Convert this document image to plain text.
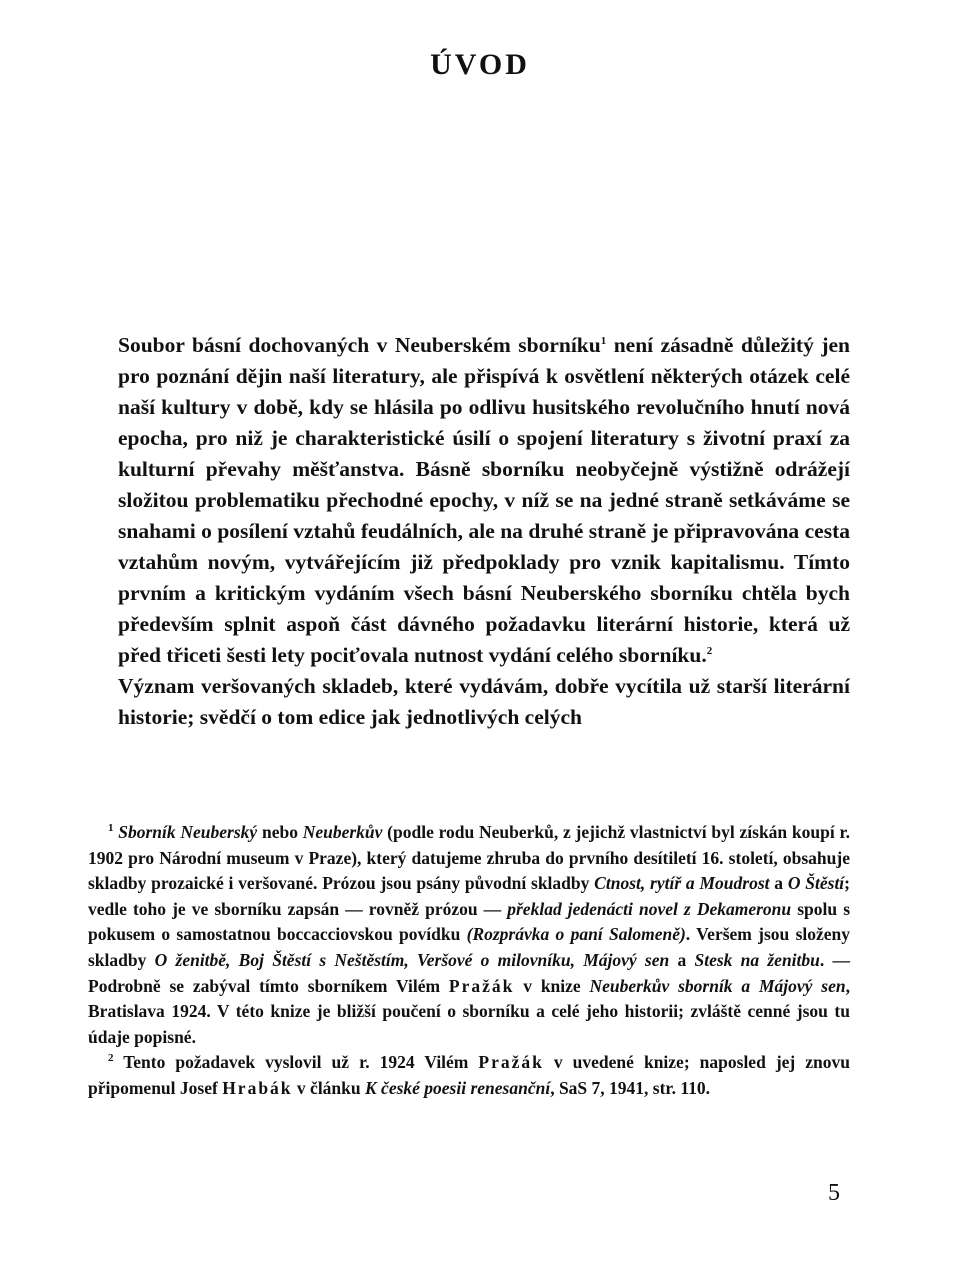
ÚVOD

Soubor básní dochovaných v Neuberském sborníku$^1$ není zásadně důležitý jen pro poznání dějin naší literatury, ale přispívá k osvětlení některých otázek celé naší kultury v době, kdy se hlásila po odlivu husitského revolučního hnutí nová epocha, pro niž je charakteristické úsilí o spojení literatury s životní praxí za kulturní převahy měšťanstva. Básně sborníku neobyčejně výstižně odrážejí složitou problematiku přechodné epochy, v níž se na jedné straně setkáváme se snahami o posílení vztahů feudálních, ale na druhé straně je připravována cesta vztahům novým, vytvářejícím již předpoklady pro vznik kapitalismu. Tímto prvním a kritickým vydáním všech básní Neuberského sborníku chtěla bych především splnit aspoň část dávného požadavku literární historie, která už před třiceti šesti lety pociťovala nutnost vydání celého sborníku.$^2$

Význam veršovaných skladeb, které vydávám, dobře vycítila už starší literární historie; svědčí o tom edice jak jednotlivých celých

$^1$ Sborník Neuberský nebo Neuberkův (podle rodu Neuberků, z jejichž vlastnictví byl získán koupí r. 1902 pro Národní museum v Praze), který datujeme zhruba do prvního desítiletí 16. století, obsahuje skladby prozaické i veršované. Prózou jsou psány původní skladby Ctnost, rytíř a Moudrost a O Štěstí; vedle toho je ve sborníku zapsán — rovněž prózou — překlad jedenácti novel z Dekameronu spolu s pokusem o samostatnou boccacciovskou povídku (Rozprávka o paní Salomeně). Veršem jsou složeny skladby O ženitbě, Boj Štěstí s Neštěstím, Veršové o milovníku, Májový sen a Stesk na ženitbu. — Podrobně se zabýval tímto sborníkem Vilém Pražák v knize Neuberkův sborník a Májový sen, Bratislava 1924. V této knize je bližší poučení o sborníku a celé jeho historii; zvláště cenné jsou tu údaje popisné.

$^2$ Tento požadavek vyslovil už r. 1924 Vilém Pražák v uvedené knize; naposled jej znovu připomenul Josef Hrabák v článku K české poesii renesanční, SaS 7, 1941, str. 110.

5
